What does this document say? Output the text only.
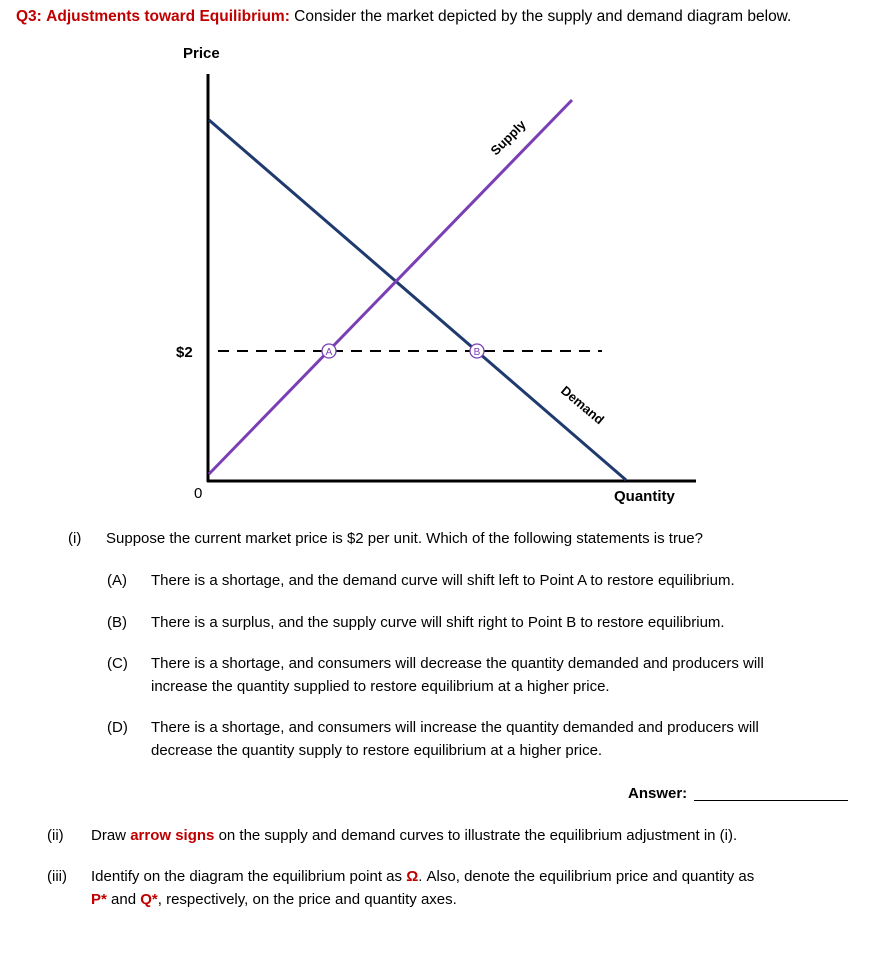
Q3: Adjustments toward Equilibrium: Consider the market depicted by the supply and demand diagram below.
A	B
Price
Quantity
$2
0
Supply
Demand
(i) Suppose the current market price is $2 per unit. Which of the following statements is true?
(A) There is a shortage, and the demand curve will shift left to Point A to restore equilibrium.
(B) There is a surplus, and the supply curve will shift right to Point B to restore equilibrium.
(C) There is a shortage, and consumers will decrease the quantity demanded and producers will
increase the quantity supplied to restore equilibrium at a higher price.
(D) There is a shortage, and consumers will increase the quantity demanded and producers will
decrease the quantity supply to restore equilibrium at a higher price.
Answer:
(ii) Draw arrow signs on the supply and demand curves to illustrate the equilibrium adjustment in (i).
(iii) Identify on the diagram the equilibrium point as Ω. Also, denote the equilibrium price and quantity as
P* and Q*, respectively, on the price and quantity axes.
